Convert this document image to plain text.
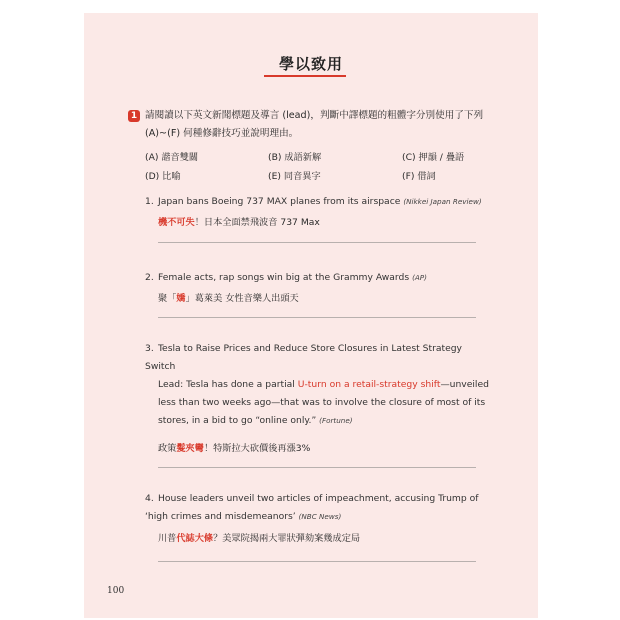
學以致用
1 請閱讀以下英文新聞標題及導言 (lead)，判斷中譯標題的粗體字分別使用了下列 (A)~(F) 何種修辭技巧並說明理由。
(A) 諧音雙關	(B) 成語新解	(C) 押韻 / 疊語
(D) 比喻	(E) 同音異字	(F) 借詞
1. Japan bans Boeing 737 MAX planes from its airspace (Nikkei Japan Review)
機不可失！日本全面禁飛波音 737 Max
2. Female acts, rap songs win big at the Grammy Awards (AP)
聚「嬌」葛萊美 女性音樂人出頭天
3. Tesla to Raise Prices and Reduce Store Closures in Latest Strategy Switch
Lead: Tesla has done a partial U-turn on a retail-strategy shift—unveiled less than two weeks ago—that was to involve the closure of most of its stores, in a bid to go “online only.” (Fortune)
政策髮夾彎！特斯拉大砍價後再漲3%
4. House leaders unveil two articles of impeachment, accusing Trump of ‘high crimes and misdemeanors’ (NBC News)
川普代誌大條？美眾院揭兩大罪狀彈劾案幾成定局
100
